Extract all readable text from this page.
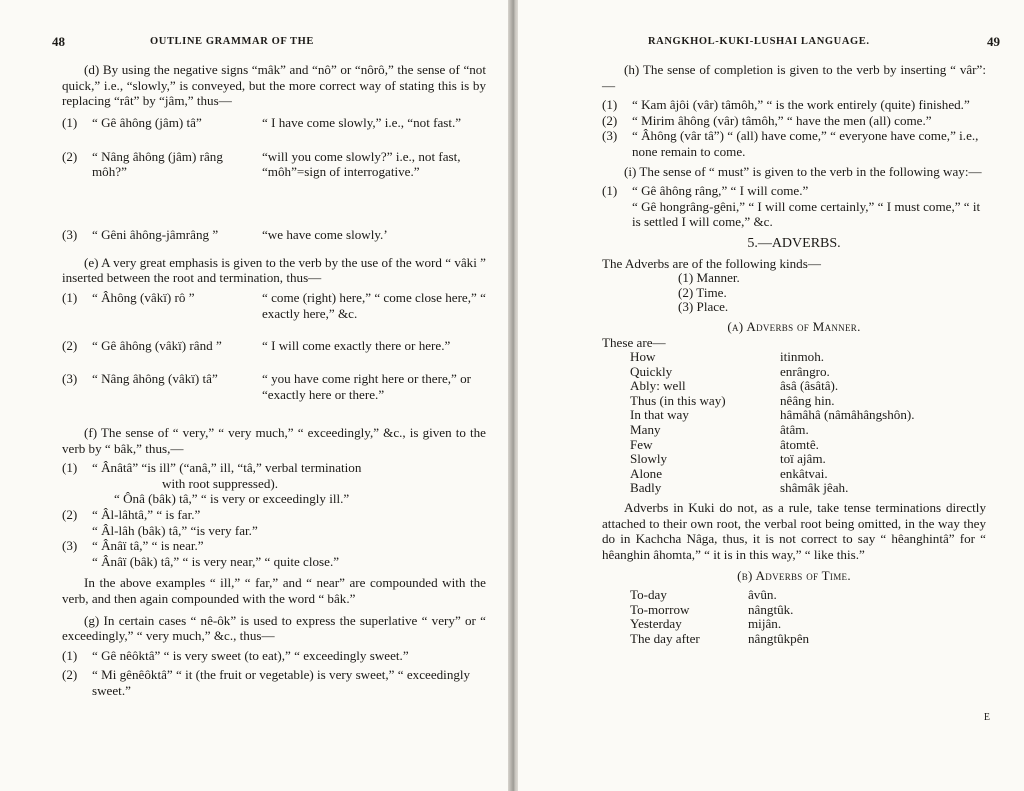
48	OUTLINE GRAMMAR OF THE

(d) By using the negative signs “mâk” and “nô” or “nôrô,” the sense of “not quick,” i.e., “slowly,” is conveyed, but the more correct way of stating this is by replacing “rât” by “jâm,” thus—

(1) “ Gê âhông (jâm) tâ”	“ I have come slowly,” i.e., “not fast.”
(2) “ Nâng âhông (jâm) râng môh?”
“will you come slowly?” i.e., not fast, “môh”=sign of interrogative.”
(3) “ Gêni âhông-jâmrâng ”	“we have come slowly.’

(e) A very great emphasis is given to the verb by the use of the word “ vâki ” inserted between the root and termination, thus—

(1) “ Âhông (vâkï) rô ”	“ come (right) here,” “ come close here,” “ exactly here,” &c.
(2) “ Gê âhông (vâkï) rând ”	“ I will come exactly there or here.”
(3) “ Nâng âhông (vâkï) tâ”	“ you have come right here or there,” or “exactly here or there.”

(f) The sense of “ very,” “ very much,” “ exceedingly,” &c., is given to the verb by “ bâk,” thus,—

(1) “ Ânâtâ” “is ill” (“anâ,” ill, “tâ,” verbal termination
with root suppressed).
“ Ônâ (bâk) tâ,” “ is very or exceedingly ill.”
(2) “ Âl-lâhtâ,” “ is far.”
“ Âl-lâh (bâk) tâ,” “is very far.”
(3) “ Ânâï tâ,” “ is near.”
“ Ânâï (bâk) tâ,” “ is very near,” “ quite close.”

In the above examples “ ill,” “ far,” and “ near” are compounded with the verb, and then again compounded with the word “ bâk.”

(g) In certain cases “ nê-ôk” is used to express the superlative “ very” or “ exceedingly,” “ very much,” &c., thus—

(1) “ Gê nêôktâ” “ is very sweet (to eat),” “ exceedingly sweet.”
(2) “ Mi gênêôktâ” “ it (the fruit or vegetable) is very sweet,” “ exceedingly sweet.”
RANGKHOL-KUKI-LUSHAI LANGUAGE.	49

(h) The sense of completion is given to the verb by inserting “ vâr”:—

(1) “ Kam âjôi (vâr) tâmôh,” “ is the work entirely (quite) finished.”
(2) “ Mirim âhông (vâr) tâmôh,” “ have the men (all) come.”
(3) “ Âhông (vâr tâ”) “ (all) have come,” “ everyone have come,” i.e., none remain to come.

(i) The sense of “ must” is given to the verb in the following way:—

(1) “ Gê âhông râng,” “ I will come.”
“ Gê hongrâng-gêni,” “ I will come certainly,” “ I must come,” “ it is settled I will come,” &c.
5.—ADVERBS.

The Adverbs are of the following kinds—

(1) Manner.
(2) Time.
(3) Place.
(a) Adverbs of Manner.

These are—

How	itinmoh.
Quickly	enrângro.
Ably: well	âsâ (âsâtâ).
Thus (in this way)	nêâng hin.
In that way	hâmâhâ (nâmâhângshôn).
Many	âtâm.
Few	âtomtê.
Slowly	toï ajâm.
Alone	enkâtvai.
Badly	shâmâk jêah.

Adverbs in Kuki do not, as a rule, take tense terminations directly attached to their own root, the verbal root being omitted, in the way they do in Kachcha Nâga, thus, it is not correct to say “ hêanghintâ” for “ hêanghin âhomta,” “ it is in this way,” “ like this.”

(b) Adverbs of Time.
To-day	âvûn.
To-morrow	nângtûk.
Yesterday	mijân.
The day after	nângtûkpên
E
